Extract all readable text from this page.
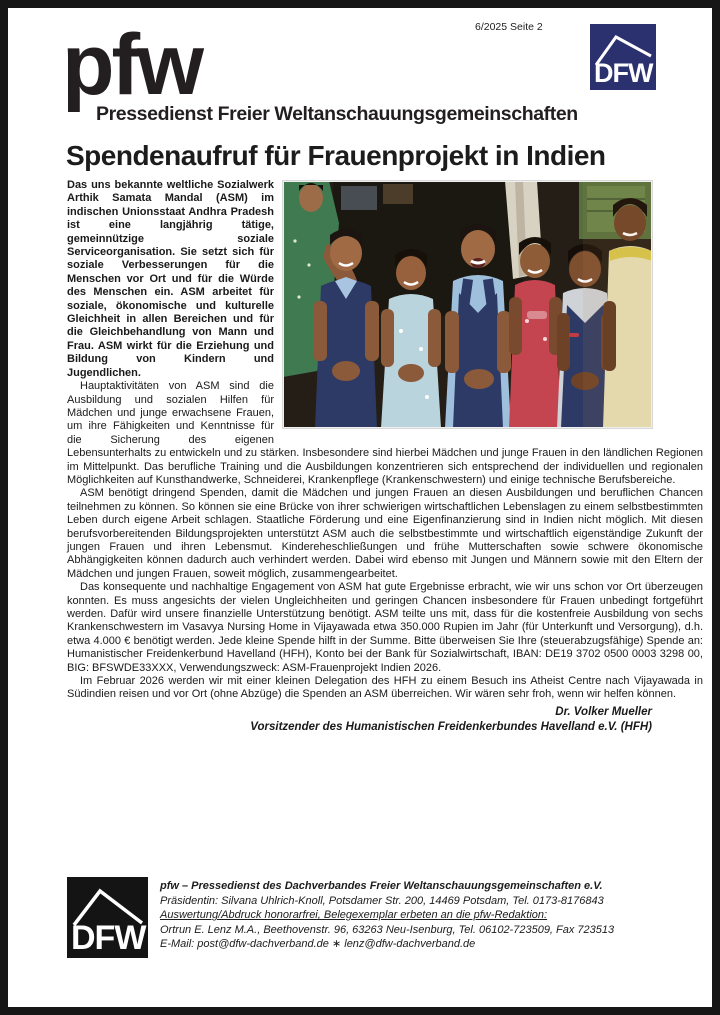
6/2025 Seite 2
pfw
Pressedienst Freier Weltanschauungsgemeinschaften
DFW
Spendenaufruf für Frauenprojekt in Indien

Das uns bekannte weltliche Sozialwerk Arthik Samata Mandal (ASM) im indischen Unionsstaat Andhra Pradesh ist eine langjährig tätige, gemeinnützige soziale Serviceorganisation. Sie setzt sich für soziale Verbesserungen für die Menschen vor Ort und für die Würde des Menschen ein. ASM arbeitet für soziale, ökonomische und kulturelle Gleichheit in allen Bereichen und für die Gleichbehandlung von Mann und Frau. ASM wirkt für die Erziehung und Bildung von Kindern und Jugendlichen.

Hauptaktivitäten von ASM sind die Ausbildung und sozialen Hilfen für Mädchen und junge erwachsene Frauen, um ihre Fähigkeiten und Kenntnisse für die Sicherung des eigenen Lebensunterhalts zu entwickeln und zu stärken. Insbesondere sind hierbei Mädchen und junge Frauen in den ländlichen Regionen im Mittelpunkt. Das berufliche Training und die Ausbildungen konzentrieren sich entsprechend der individuellen und regionalen Möglichkeiten auf Kunsthandwerke, Schneiderei, Krankenpflege (Krankenschwestern) und einige technische Berufsbereiche.

ASM benötigt dringend Spenden, damit die Mädchen und jungen Frauen an diesen Ausbildungen und beruflichen Chancen teilnehmen zu können. So können sie eine Brücke von ihrer schwierigen wirtschaftlichen Lebenslagen zu einem selbstbestimmten Leben durch eigene Arbeit schlagen. Staatliche Förderung und eine Eigenfinanzierung sind in Indien nicht möglich. Mit diesen berufsvorbereitenden Bildungsprojekten unterstützt ASM auch die selbstbestimmte und wirtschaftlich eigenständige Zukunft der jungen Frauen und ihren Lebensmut. Kindereheschließungen und frühe Mutterschaften sowie schwere ökonomische Abhängigkeiten können dadurch auch verhindert werden. Dabei wird ebenso mit Jungen und Männern sowie mit den Eltern der Mädchen und jungen Frauen, soweit möglich, zusammengearbeitet.

Das konsequente und nachhaltige Engagement von ASM hat gute Ergebnisse erbracht, wie wir uns schon vor Ort überzeugen konnten. Es muss angesichts der vielen Ungleichheiten und geringen Chancen insbesondere für Frauen unbedingt fortgeführt werden. Dafür wird unsere finanzielle Unterstützung benötigt. ASM teilte uns mit, dass für die kostenfreie Ausbildung von sechs Krankenschwestern im Vasavya Nursing Home in Vijayawada etwa 350.000 Rupien im Jahr (für Unterkunft und Versorgung), d.h. etwa 4.000 € benötigt werden. Jede kleine Spende hilft in der Summe. Bitte überweisen Sie Ihre (steuerabzugsfähige) Spende an: Humanistischer Freidenkerbund Havelland (HFH), Konto bei der Bank für Sozialwirtschaft, IBAN: DE19 3702 0500 0003 3298 00, BIG: BFSWDE33XXX, Verwendungszweck: ASM-Frauenprojekt Indien 2026.

Im Februar 2026 werden wir mit einer kleinen Delegation des HFH zu einem Besuch ins Atheist Centre nach Vijayawada in Südindien reisen und vor Ort (ohne Abzüge) die Spenden an ASM überreichen. Wir wären sehr froh, wenn wir helfen können.

Dr. Volker Mueller
Vorsitzender des Humanistischen Freidenkerbundes Havelland e.V. (HFH)
DFW
pfw – Pressedienst des Dachverbandes Freier Weltanschauungsgemeinschaften e.V.
Präsidentin: Silvana Uhlrich-Knoll, Potsdamer Str. 200, 14469 Potsdam, Tel. 0173-8176843
Auswertung/Abdruck honorarfrei, Belegexemplar erbeten an die pfw-Redaktion:
Ortrun E. Lenz M.A., Beethovenstr. 96, 63263 Neu-Isenburg, Tel. 06102-723509, Fax 723513
E-Mail: post@dfw-dachverband.de ∗ lenz@dfw-dachverband.de
